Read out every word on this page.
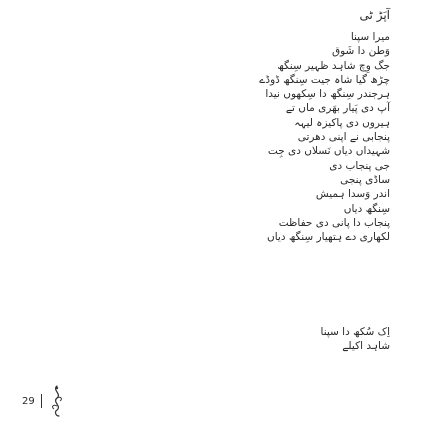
آپَڑ ٹی
میرا سپنا
وَطن دا شَوق
جگ وِچ شاہد ظہیر سِنگھ
چڑھ گیا شاہ جیت سِنگھ ڈوڈے
ہرجندر سِنگھ دا سِکھوں نیدا
آپ دی پَیار بھَری ماں تے
ہیروں دی پاکیزہ لیہہ
پنجابی نے اپنی دھرتی
شہیداں دیاں نَسلاں دی جِت
جی پنجاب دی
ساڈی پنجی
اندر وَسدا ہمیش
سِنگھ دیاں
پنجاب دا پانی دی حفاظت
لکھاری دے ہتھیار سِنگھ دیاں
اِک سُکھ دا سپنا
شاہد اکیلے
29
